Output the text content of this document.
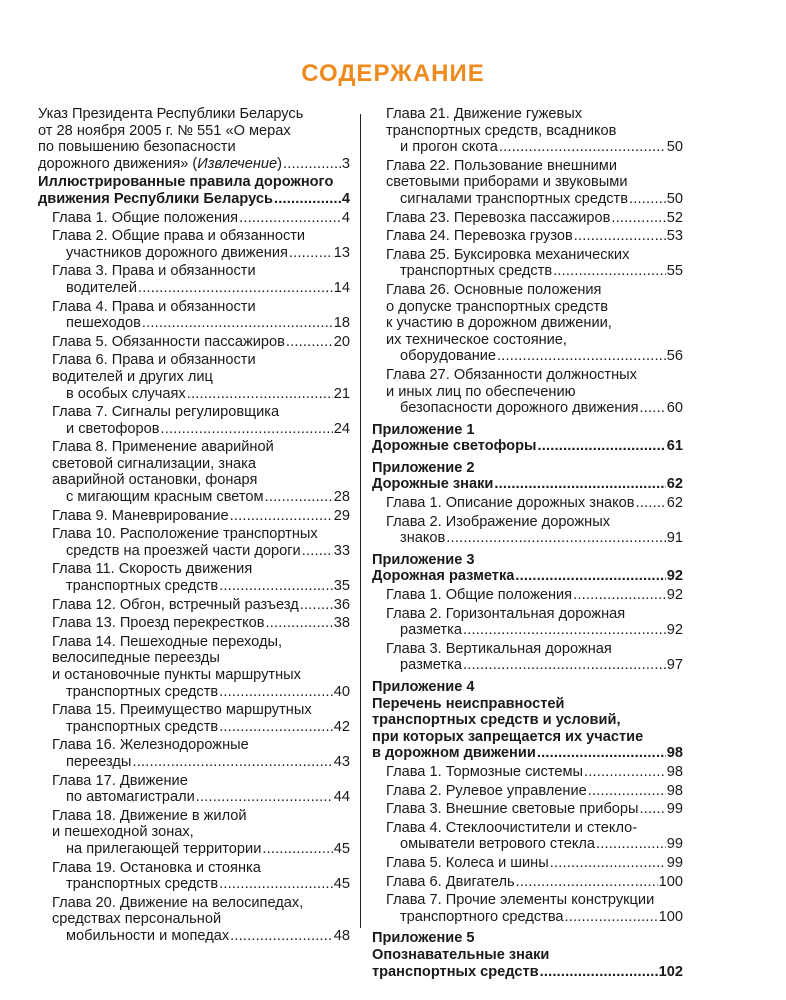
СОДЕРЖАНИЕ
Указ Президента Республики Беларусь
от 28 ноября 2005 г. № 551 «О мерах
по повышению безопасности
дорожного движения» (Извлечение) .....	3
Иллюстрированные правила дорожного
движения Республики Беларусь .....	4
Глава 1. Общие положения .....	4
Глава 2. Общие права и обязанности
участников дорожного движения .....	13
Глава 3. Права и обязанности
водителей .....	14
Глава 4. Права и обязанности
пешеходов .....	18
Глава 5. Обязанности пассажиров .....	20
Глава 6. Права и обязанности
водителей и других лиц
в особых случаях .....	21
Глава 7. Сигналы регулировщика
и светофоров .....	24
Глава 8. Применение аварийной
световой сигнализации, знака
аварийной остановки, фонаря
с мигающим красным светом .....	28
Глава 9. Маневрирование .....	29
Глава 10. Расположение транспортных
средств на проезжей части дороги ..... 33
Глава 11. Скорость движения
транспортных средств .....	35
Глава 12. Обгон, встречный разъезд ..... 36
Глава 13. Проезд перекрестков .....	38
Глава 14. Пешеходные переходы,
велосипедные переезды
и остановочные пункты маршрутных
транспортных средств .....	40
Глава 15. Преимущество маршрутных
транспортных средств .....	42
Глава 16. Железнодорожные
переезды .....	43
Глава 17. Движение
по автомагистрали .....	44
Глава 18. Движение в жилой
и пешеходной зонах,
на прилегающей территории .....	45
Глава 19. Остановка и стоянка
транспортных средств .....	45
Глава 20. Движение на велосипедах,
средствах персональной
мобильности и мопедах .....	48
Глава 21. Движение гужевых
транспортных средств, всадников
и прогон скота .....	50
Глава 22. Пользование внешними
световыми приборами и звуковыми
сигналами транспортных средств .....	50
Глава 23. Перевозка пассажиров .....	52
Глава 24. Перевозка грузов .....	53
Глава 25. Буксировка механических
транспортных средств .....	55
Глава 26. Основные положения
о допуске транспортных средств
к участию в дорожном движении,
их техническое состояние,
оборудование .....	56
Глава 27. Обязанности должностных
и иных лиц по обеспечению
безопасности дорожного движения ..... 60
Приложение 1
Дорожные светофоры .....	61
Приложение 2
Дорожные знаки .....	62
Глава 1. Описание дорожных знаков ..... 62
Глава 2. Изображение дорожных
знаков .....	91
Приложение 3
Дорожная разметка .....	92
Глава 1. Общие положения .....	92
Глава 2. Горизонтальная дорожная
разметка .....	92
Глава 3. Вертикальная дорожная
разметка .....	97
Приложение 4
Перечень неисправностей
транспортных средств и условий,
при которых запрещается их участие
в дорожном движении .....	98
Глава 1. Тормозные системы .....	98
Глава 2. Рулевое управление .....	98
Глава 3. Внешние световые приборы ..... 99
Глава 4. Стеклоочистители и стекло-
омыватели ветрового стекла .....	99
Глава 5. Колеса и шины .....	99
Глава 6. Двигатель .....	100
Глава 7. Прочие элементы конструкции
транспортного средства .....	100
Приложение 5
Опознавательные знаки
транспортных средств .....	102
